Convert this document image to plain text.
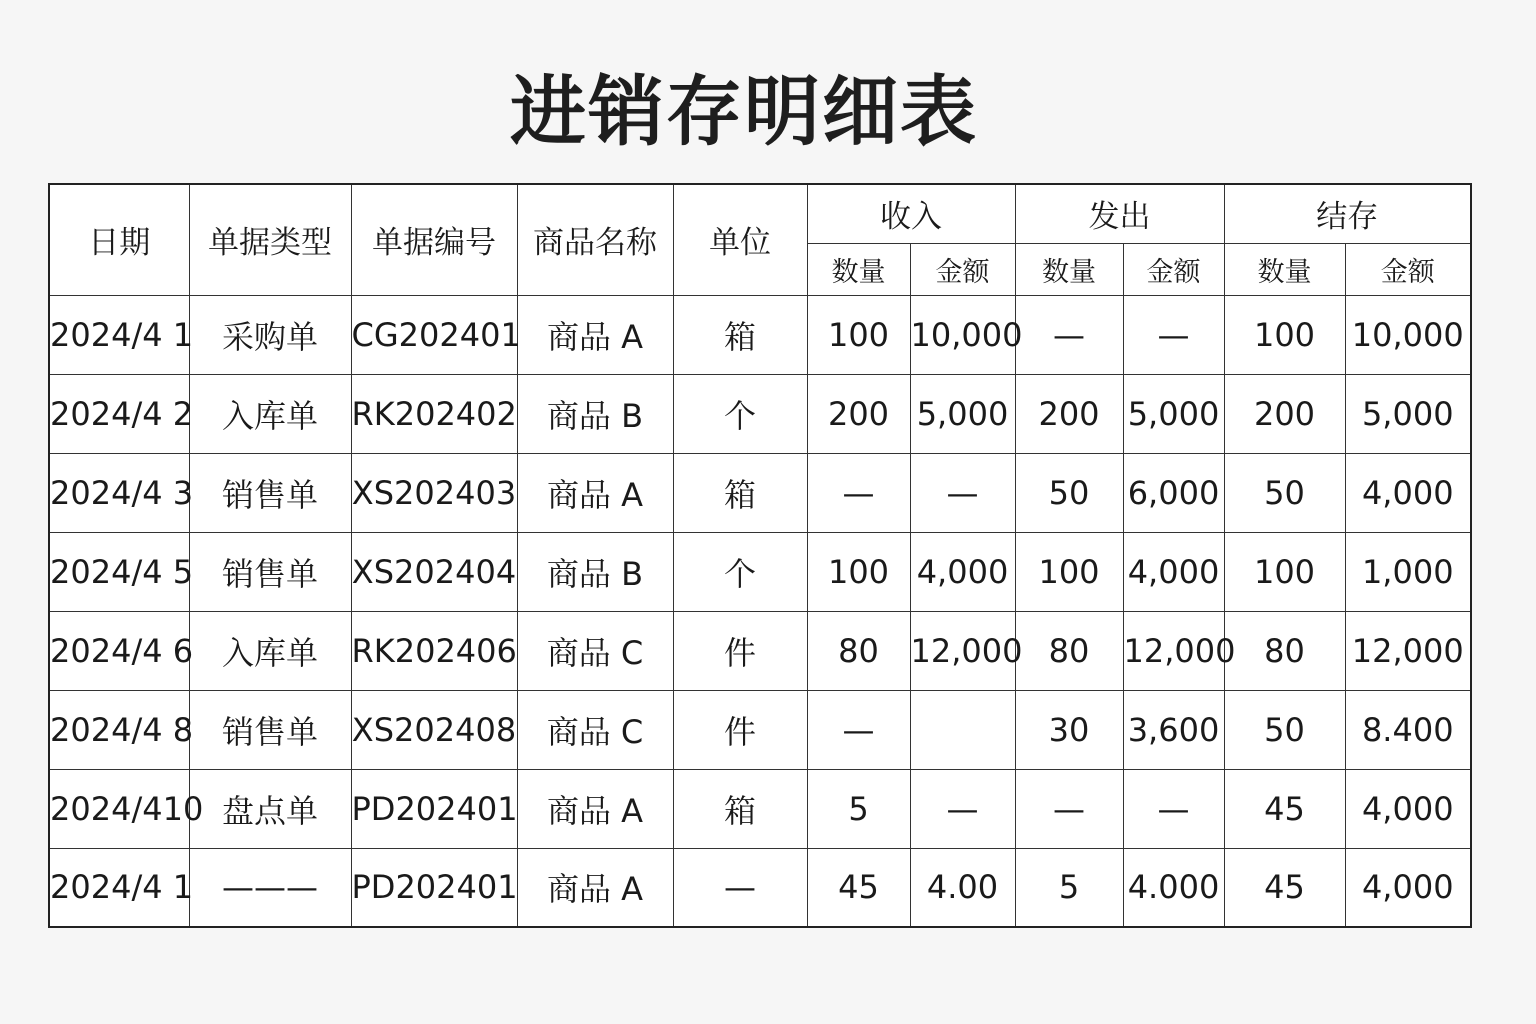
进销存明细表
日期	单据类型	单据编号	商品名称	单位	收入		发出		结存	
					数量	金额	数量	金额	数量	金额
2024/4 1	采购单	CG202401	商品 A	箱	100	10,000	—	—	100	10,000
2024/4 2	入库单	RK202402	商品 B	个	200	5,000	200	5,000	200	5,000
2024/4 3	销售单	XS202403	商品 A	箱	—	—	50	6,000	50	4,000
2024/4 5	销售单	XS202404	商品 B	个	100	4,000	100	4,000	100	1,000
2024/4 6	入库单	RK202406	商品 C	件	80	12,000	80	12,000	80	12,000
2024/4 8	销售单	XS202408	商品 C	件	—		30	3,600	50	8.400
2024/410	盘点单	PD202401	商品 A	箱	5	—	—	—	45	4,000
2024/4 1	———	PD202401	商品 A	—	45	4.00	5	4.000	45	4,000
